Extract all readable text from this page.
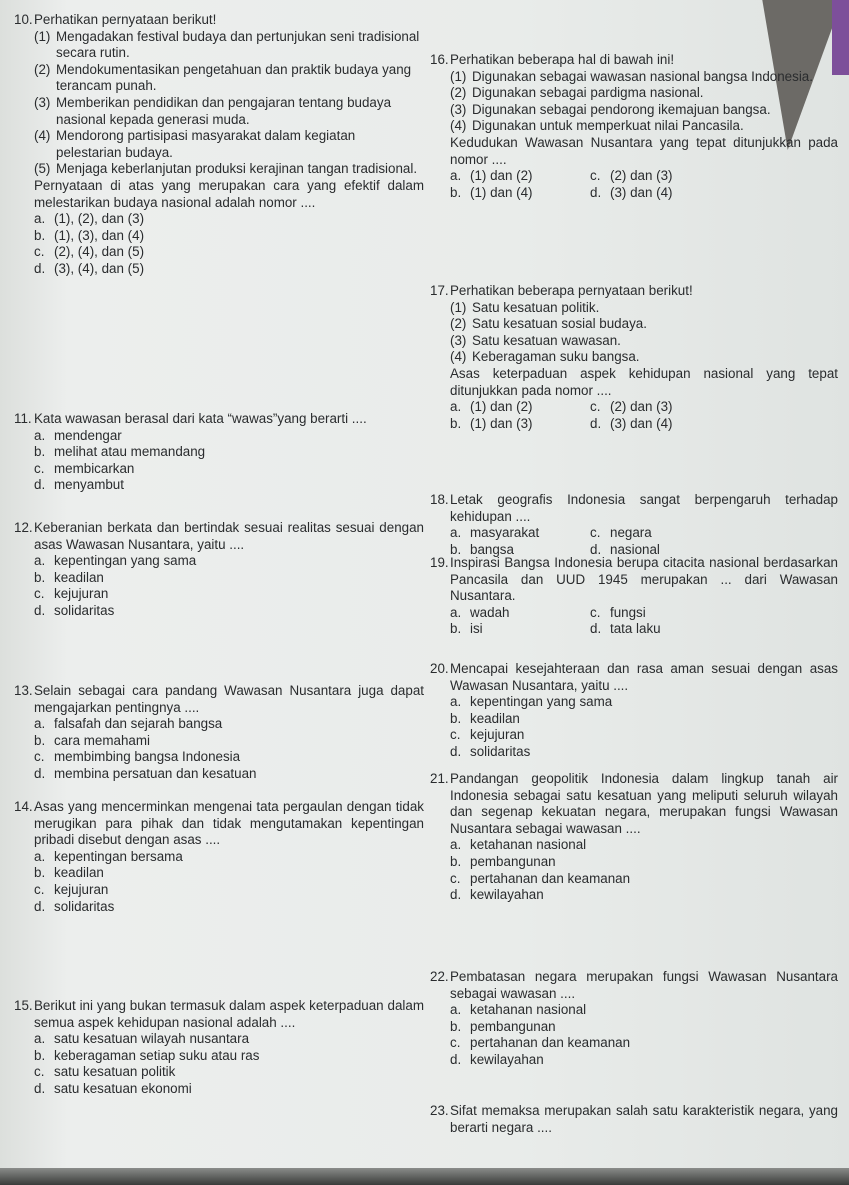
10. Perhatikan pernyataan berikut!
(1) Mengadakan festival budaya dan pertunjukan seni tradisional secara rutin.
(2) Mendokumentasikan pengetahuan dan praktik budaya yang terancam punah.
(3) Memberikan pendidikan dan pengajaran tentang budaya nasional kepada generasi muda.
(4) Mendorong partisipasi masyarakat dalam kegiatan pelestarian budaya.
(5) Menjaga keberlanjutan produksi kerajinan tangan tradisional.
Pernyataan di atas yang merupakan cara yang efektif dalam melestarikan budaya nasional adalah nomor ....
a. (1), (2), dan (3)
b. (1), (3), dan (4)
c. (2), (4), dan (5)
d. (3), (4), dan (5)
11. Kata wawasan berasal dari kata “wawas”yang berarti ....
a. mendengar
b. melihat atau memandang
c. membicarkan
d. menyambut
12. Keberanian berkata dan bertindak sesuai realitas sesuai dengan asas Wawasan Nusantara, yaitu ....
a. kepentingan yang sama
b. keadilan
c. kejujuran
d. solidaritas
13. Selain sebagai cara pandang Wawasan Nusantara juga dapat mengajarkan pentingnya ....
a. falsafah dan sejarah bangsa
b. cara memahami
c. membimbing bangsa Indonesia
d. membina persatuan dan kesatuan
14. Asas yang mencerminkan mengenai tata pergaulan dengan tidak merugikan para pihak dan tidak mengutamakan kepentingan pribadi disebut dengan asas ....
a. kepentingan bersama
b. keadilan
c. kejujuran
d. solidaritas
15. Berikut ini yang bukan termasuk dalam aspek keterpaduan dalam semua aspek kehidupan nasional adalah ....
a. satu kesatuan wilayah nusantara
b. keberagaman setiap suku atau ras
c. satu kesatuan politik
d. satu kesatuan ekonomi
16. Perhatikan beberapa hal di bawah ini!
(1) Digunakan sebagai wawasan nasional bangsa Indonesia.
(2) Digunakan sebagai pardigma nasional.
(3) Digunakan sebagai pendorong ikemajuan bangsa.
(4) Digunakan untuk memperkuat nilai Pancasila.
Kedudukan Wawasan Nusantara yang tepat ditunjukkan pada nomor ....
a. (1) dan (2)	c. (2) dan (3)
b. (1) dan (4)	d. (3) dan (4)
17. Perhatikan beberapa pernyataan berikut!
(1) Satu kesatuan politik.
(2) Satu kesatuan sosial budaya.
(3) Satu kesatuan wawasan.
(4) Keberagaman suku bangsa.
Asas keterpaduan aspek kehidupan nasional yang tepat ditunjukkan pada nomor ....
a. (1) dan (2)	c. (2) dan (3)
b. (1) dan (3)	d. (3) dan (4)
18. Letak geografis Indonesia sangat berpengaruh terhadap kehidupan ....
a. masyarakat	c. negara
b. bangsa	d. nasional
19. Inspirasi Bangsa Indonesia berupa citacita nasional berdasarkan Pancasila dan UUD 1945 merupakan ... dari Wawasan Nusantara.
a. wadah	c. fungsi
b. isi	d. tata laku
20. Mencapai kesejahteraan dan rasa aman sesuai dengan asas Wawasan Nusantara, yaitu ....
a. kepentingan yang sama
b. keadilan
c. kejujuran
d. solidaritas
21. Pandangan geopolitik Indonesia dalam lingkup tanah air Indonesia sebagai satu kesatuan yang meliputi seluruh wilayah dan segenap kekuatan negara, merupakan fungsi Wawasan Nusantara sebagai wawasan ....
a. ketahanan nasional
b. pembangunan
c. pertahanan dan keamanan
d. kewilayahan
22. Pembatasan negara merupakan fungsi Wawasan Nusantara sebagai wawasan ....
a. ketahanan nasional
b. pembangunan
c. pertahanan dan keamanan
d. kewilayahan
23. Sifat memaksa merupakan salah satu karakteristik negara, yang berarti negara ....
